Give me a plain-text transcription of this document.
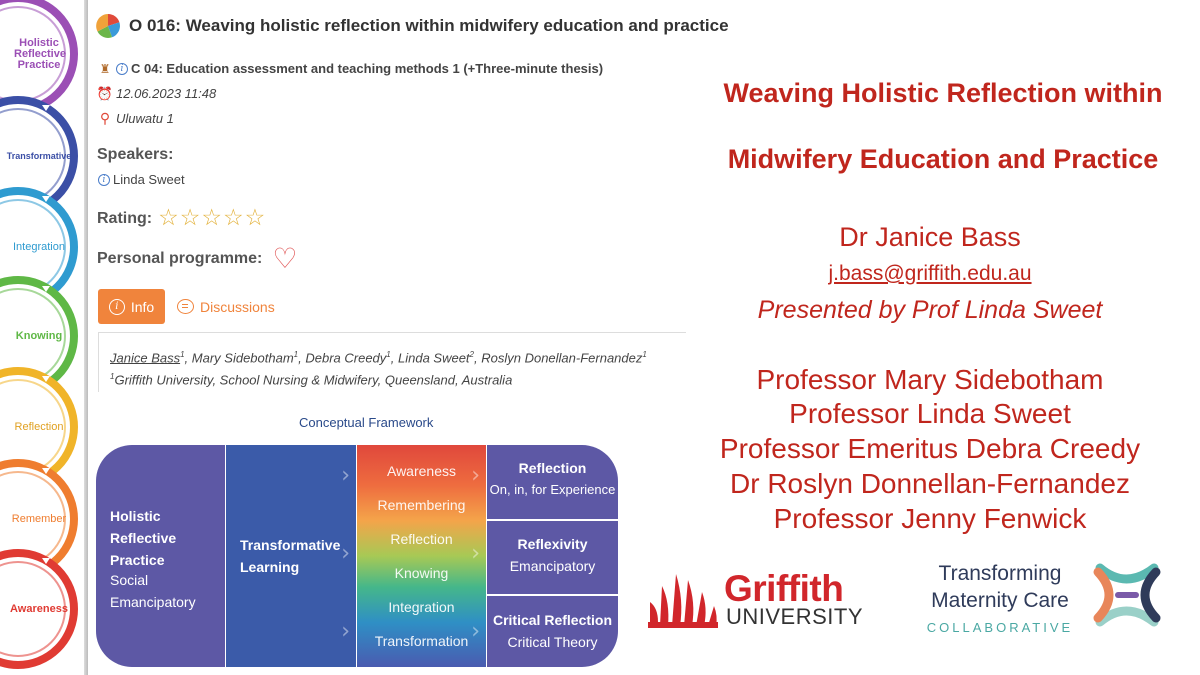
Holistic Reflective Practice
Transformative
Integration
Knowing
Reflection
Remember
Awareness
O 016: Weaving holistic reflection within midwifery education and practice
♜	i C 04: Education assessment and teaching methods 1 (+Three-minute thesis)
⏰ 12.06.2023 11:48
⚲ Uluwatu 1
Speakers:
i Linda Sweet
Rating: ☆☆☆☆☆
Personal programme: ♡
i Info	Discussions
Janice Bass$^1$, Mary Sidebotham$^1$, Debra Creedy$^1$, Linda Sweet$^2$, Roslyn Donellan-Fernandez$^1$
$^1$Griffith University, School Nursing & Midwifery, Queensland, Australia
Conceptual Framework
Holistic Reflective
Practice
Social
Emancipatory
Transformative
Learning
›
›
›
Awareness
Remembering
Reflection
Knowing
Integration
Transformation
›
›
›
Reflection
On, in, for Experience
Reflexivity
Emancipatory
Critical Reflection
Critical Theory
Weaving Holistic Reflection within
Midwifery Education and Practice
Dr Janice Bass
j.bass@griffith.edu.au
Presented by Prof Linda Sweet
Professor Mary Sidebotham
Professor Linda Sweet
Professor Emeritus Debra Creedy
Dr Roslyn Donnellan-Fernandez
Professor Jenny Fenwick
Griffith
UNIVERSITY
Transforming
Maternity Care
COLLABORATIVE
